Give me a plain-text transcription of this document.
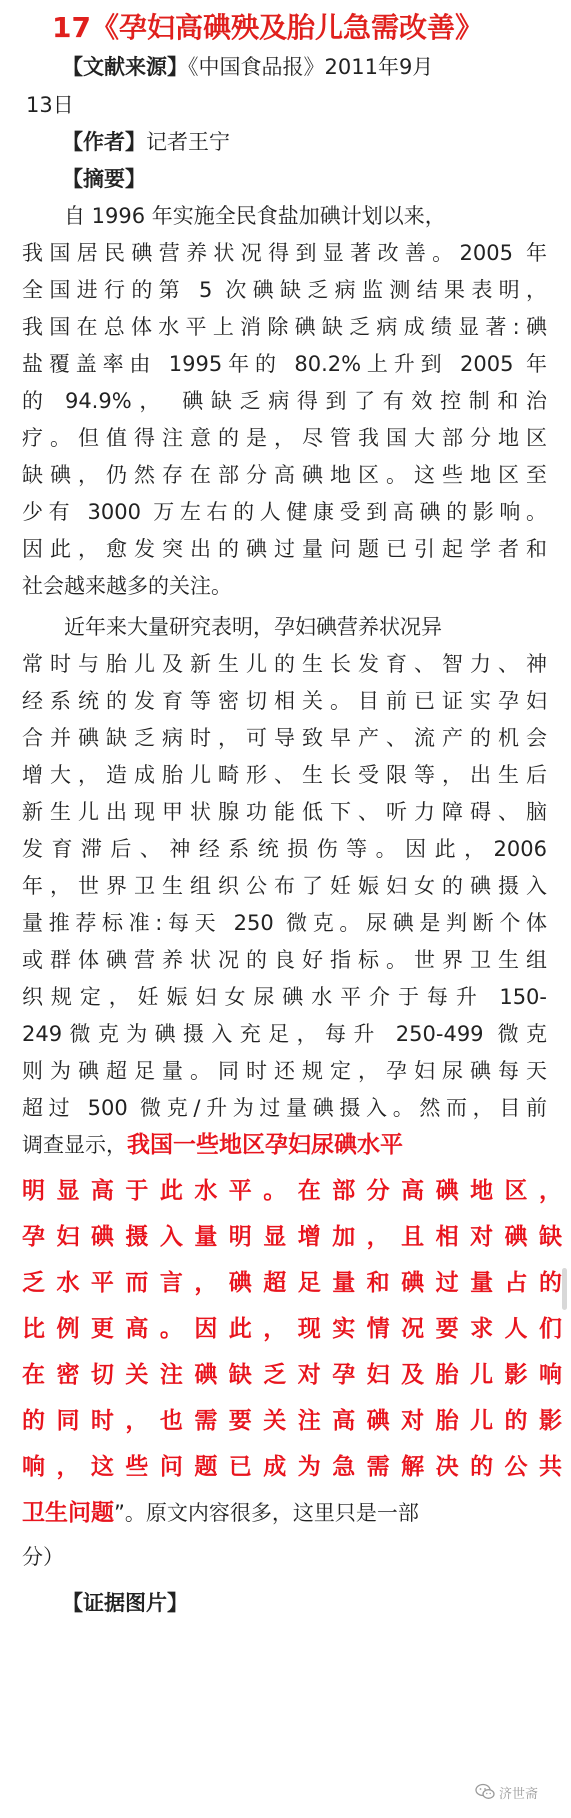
17《孕妇高碘殃及胎儿急需改善》
【文献来源】《中国食品报》2011年9月
13日
【作者】记者王宁
【摘要】
自 1996 年实施全民食盐加碘计划以来，
我国居民碘营养状况得到显著改善。2005 年
全国进行的第 5 次碘缺乏病监测结果表明，
我国在总体水平上消除碘缺乏病成绩显著:碘
盐覆盖率由 1995年的 80.2%上升到 2005 年
的 94.9%， 碘缺乏病得到了有效控制和治
疗。但值得注意的是，尽管我国大部分地区
缺碘，仍然存在部分高碘地区。这些地区至
少有 3000 万左右的人健康受到高碘的影响。
因此，愈发突出的碘过量问题已引起学者和
社会越来越多的关注。
近年来大量研究表明，孕妇碘营养状况异
常时与胎儿及新生儿的生长发育、智力、神
经系统的发育等密切相关。目前已证实孕妇
合并碘缺乏病时，可导致早产、流产的机会
增大，造成胎儿畸形、生长受限等，出生后
新生儿出现甲状腺功能低下、听力障碍、脑
发育滞后、神经系统损伤等。因此，2006
年，世界卫生组织公布了妊娠妇女的碘摄入
量推荐标准:每天 250 微克。尿碘是判断个体
或群体碘营养状况的良好指标。世界卫生组
织规定，妊娠妇女尿碘水平介于每升 150-
249微克为碘摄入充足，每升 250-499 微克
则为碘超足量。同时还规定，孕妇尿碘每天
超过 500 微克/升为过量碘摄入。然而，目前
调查显示，我国一些地区孕妇尿碘水平
明显高于此水平。在部分高碘地区，
孕妇碘摄入量明显增加，且相对碘缺
乏水平而言，碘超足量和碘过量占的
比例更高。因此，现实情况要求人们
在密切关注碘缺乏对孕妇及胎儿影响
的同时，也需要关注高碘对胎儿的影
响，这些问题已成为急需解决的公共
卫生问题”。原文内容很多，这里只是一部
分）
【证据图片】
济世斋
